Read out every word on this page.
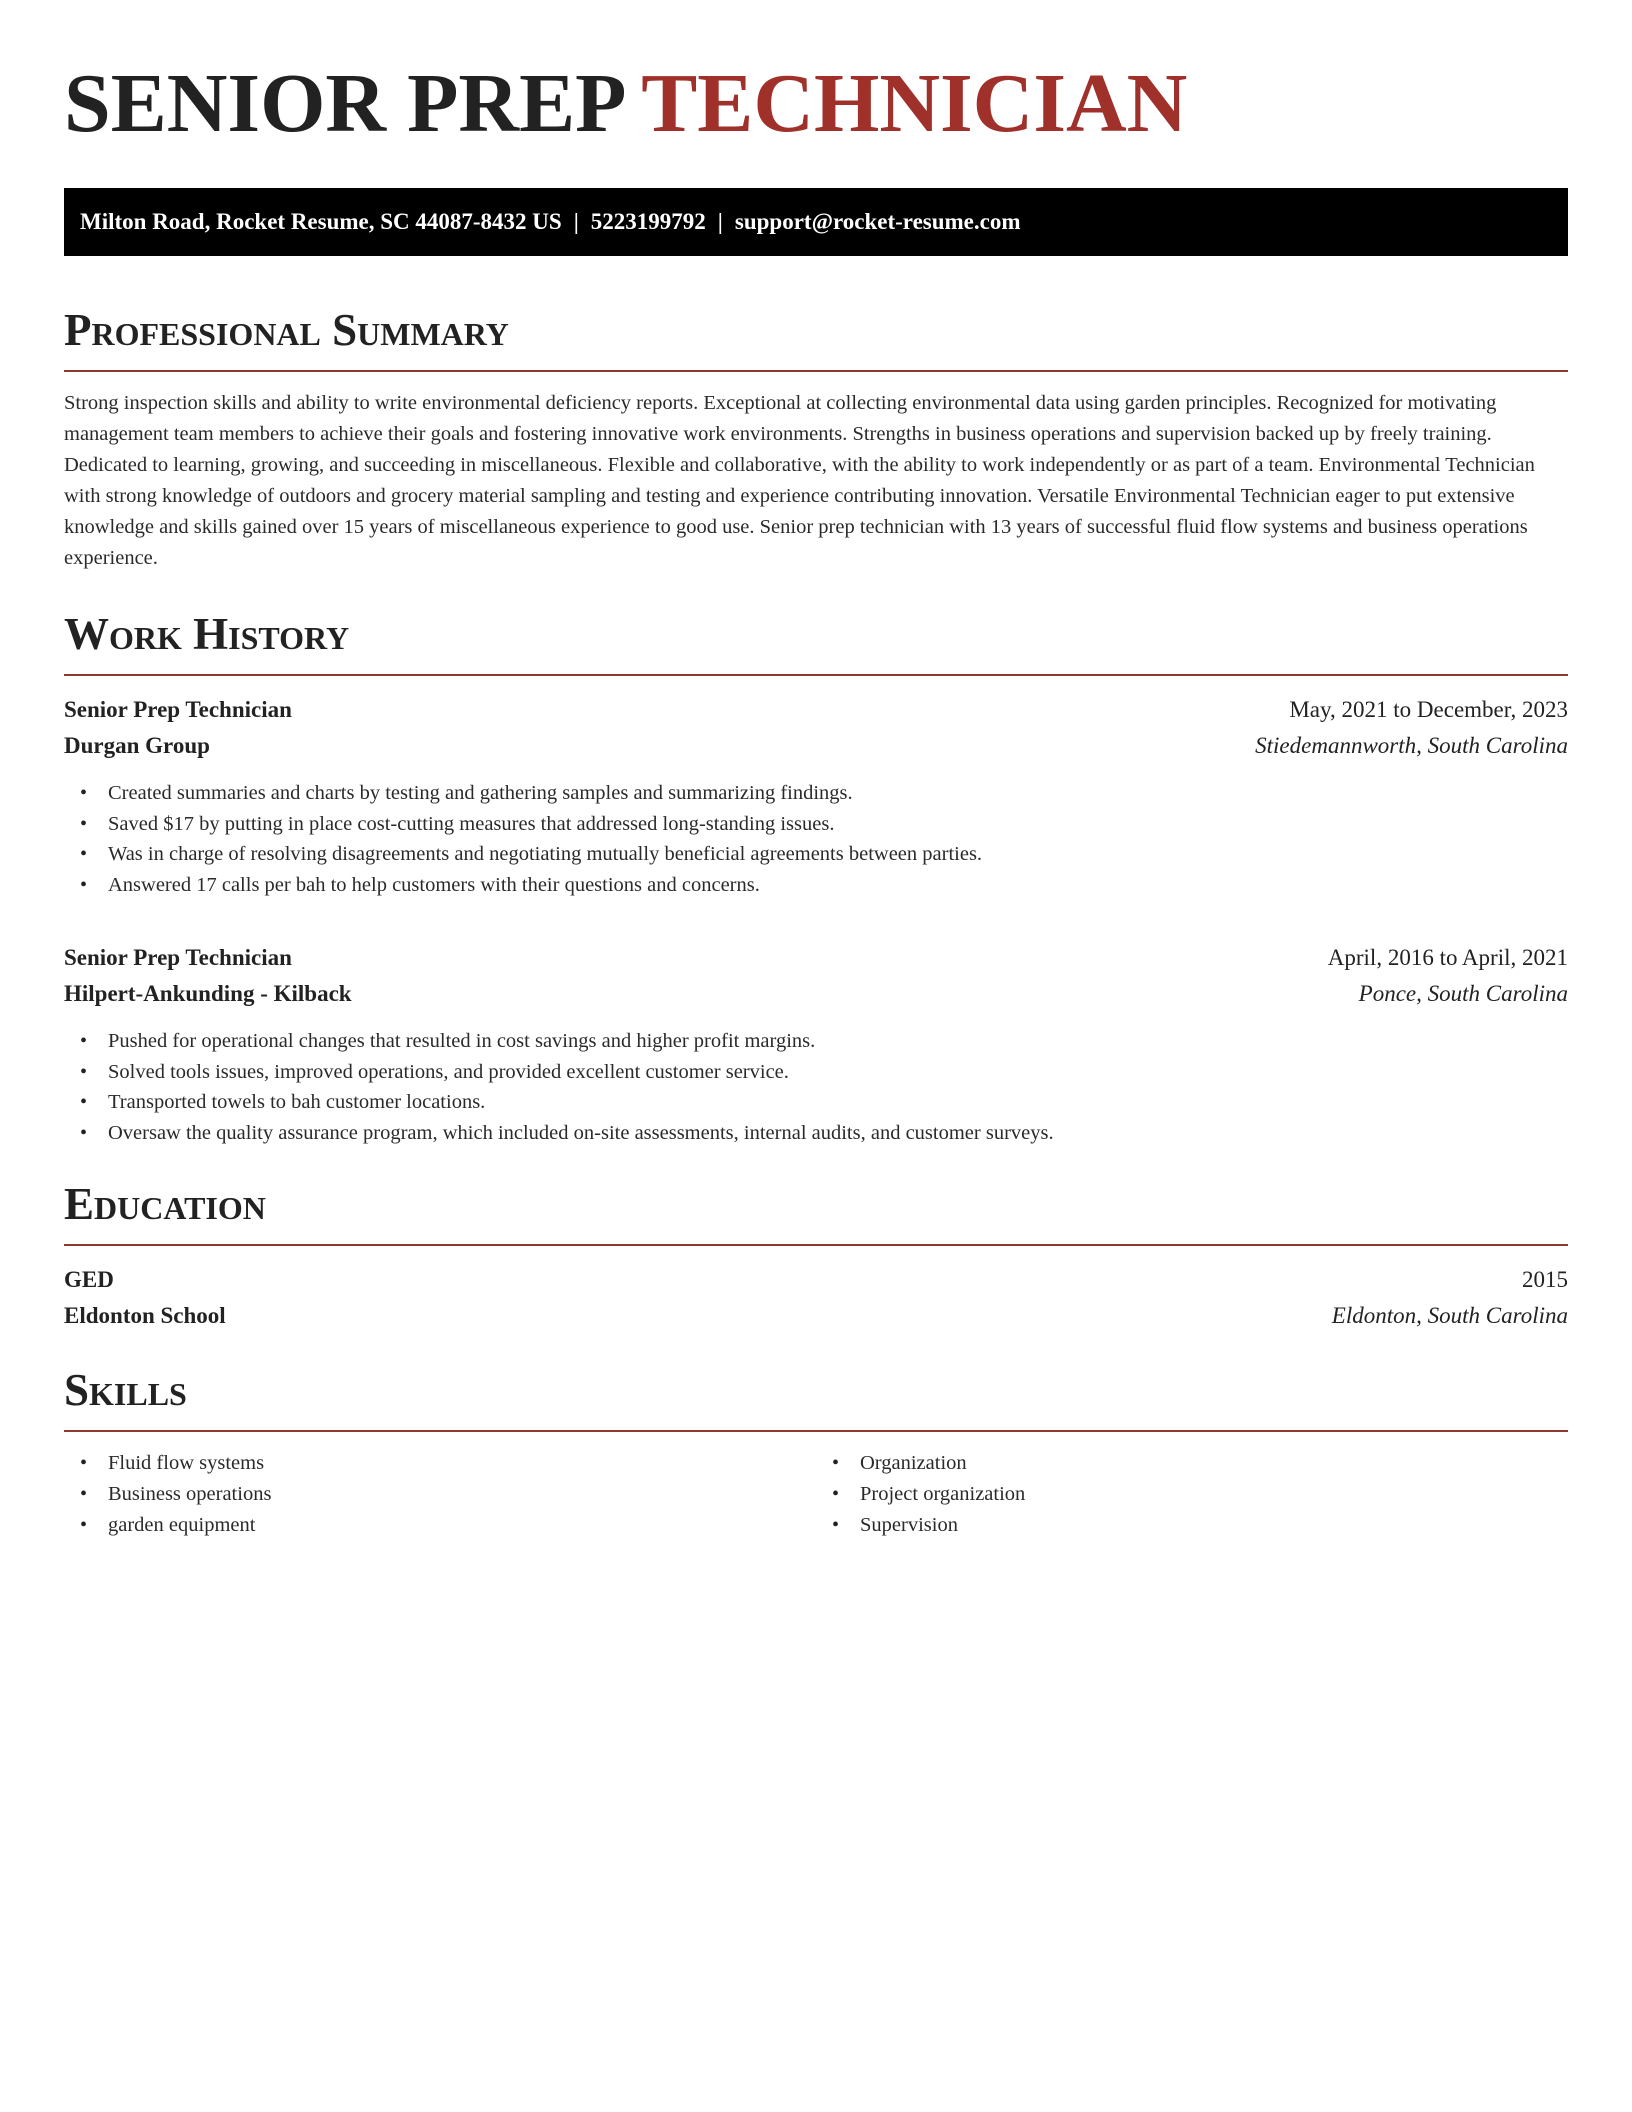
SENIOR PREP TECHNICIAN
Milton Road, Rocket Resume, SC 44087-8432 US | 5223199792 | support@rocket-resume.com
Professional Summary

Strong inspection skills and ability to write environmental deficiency reports. Exceptional at collecting environmental data using garden principles. Recognized for motivating management team members to achieve their goals and fostering innovative work environments. Strengths in business operations and supervision backed up by freely training. Dedicated to learning, growing, and succeeding in miscellaneous. Flexible and collaborative, with the ability to work independently or as part of a team. Environmental Technician with strong knowledge of outdoors and grocery material sampling and testing and experience contributing innovation. Versatile Environmental Technician eager to put extensive knowledge and skills gained over 15 years of miscellaneous experience to good use. Senior prep technician with 13 years of successful fluid flow systems and business operations experience.

Work History
Senior Prep Technician	May, 2021 to December, 2023
Durgan Group	Stiedemannworth, South Carolina
• Created summaries and charts by testing and gathering samples and summarizing findings.
• Saved $17 by putting in place cost-cutting measures that addressed long-standing issues.
• Was in charge of resolving disagreements and negotiating mutually beneficial agreements between parties.
• Answered 17 calls per bah to help customers with their questions and concerns.
Senior Prep Technician	April, 2016 to April, 2021
Hilpert-Ankunding - Kilback	Ponce, South Carolina
• Pushed for operational changes that resulted in cost savings and higher profit margins.
• Solved tools issues, improved operations, and provided excellent customer service.
• Transported towels to bah customer locations.
• Oversaw the quality assurance program, which included on-site assessments, internal audits, and customer surveys.
Education
GED	2015
Eldonton School	Eldonton, South Carolina
Skills
• Fluid flow systems
• Business operations
• garden equipment
• Organization
• Project organization
• Supervision
